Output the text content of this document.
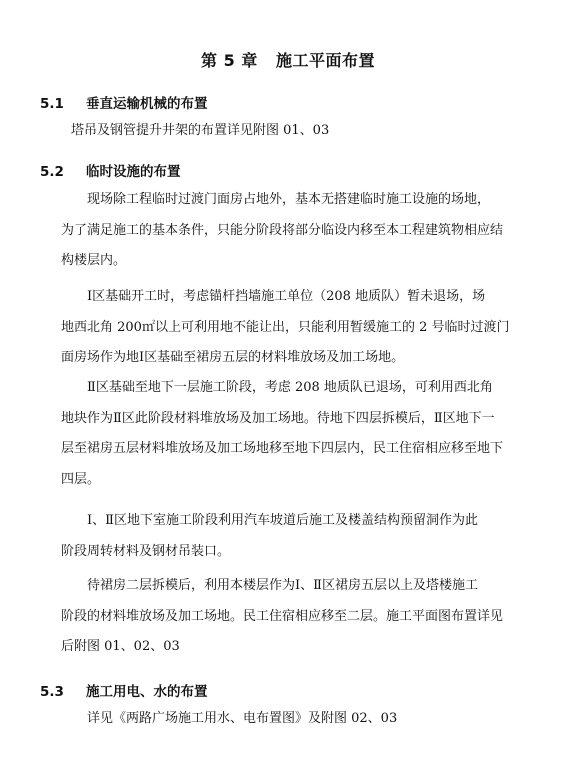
第 5 章   施工平面布置
5.1 垂直运输机械的布置
塔吊及钢管提升井架的布置详见附图 01、03
5.2 临时设施的布置
现场除工程临时过渡门面房占地外，基本无搭建临时施工设施的场地，
为了满足施工的基本条件，只能分阶段将部分临设内移至本工程建筑物相应结
构楼层内。
Ⅰ区基础开工时，考虑锚杆挡墙施工单位（208 地质队）暂未退场，场
地西北角 200㎡以上可利用地不能让出，只能利用暂缓施工的 2 号临时过渡门
面房场作为地Ⅰ区基础至裙房五层的材料堆放场及加工场地。
Ⅱ区基础至地下一层施工阶段，考虑 208 地质队已退场，可利用西北角
地块作为Ⅱ区此阶段材料堆放场及加工场地。待地下四层拆模后，Ⅱ区地下一
层至裙房五层材料堆放场及加工场地移至地下四层内，民工住宿相应移至地下
四层。
Ⅰ、Ⅱ区地下室施工阶段利用汽车坡道后施工及楼盖结构预留洞作为此
阶段周转材料及钢材吊装口。
待裙房二层拆模后，利用本楼层作为Ⅰ、Ⅱ区裙房五层以上及塔楼施工
阶段的材料堆放场及加工场地。民工住宿相应移至二层。施工平面图布置详见
后附图 01、02、03
5.3 施工用电、水的布置
详见《两路广场施工用水、电布置图》及附图 02、03
